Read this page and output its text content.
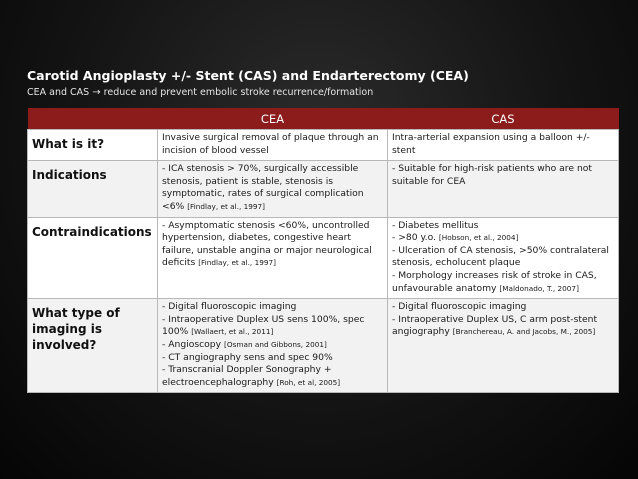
Carotid Angioplasty +/- Stent (CAS) and Endarterectomy (CEA)
CEA and CAS → reduce and prevent embolic stroke recurrence/formation
	CEA	CAS
What is it?	Invasive surgical removal of plaque through an incision of blood vessel	Intra-arterial expansion using a balloon +/- stent

Indications	- ICA stenosis > 70%, surgically accessible stenosis, patient is stable, stenosis is symptomatic, rates of surgical complication <6% [Findlay, et al., 1997]	- Suitable for high-risk patients who are not suitable for CEA

Contraindications	- Asymptomatic stenosis <60%, uncontrolled hypertension, diabetes, congestive heart failure, unstable angina or major neurological deficits [Findlay, et al., 1997]	- Diabetes mellitus
- >80 y.o. [Hobson, et al., 2004]
- Ulceration of CA stenosis, >50% contralateral stenosis, echolucent plaque
- Morphology increases risk of stroke in CAS, unfavourable anatomy [Maldonado, T., 2007]

What type of imaging is involved?	- Digital fluoroscopic imaging
- Intraoperative Duplex US sens 100%, spec 100% [Wallaert, et al., 2011]
- Angioscopy [Osman and Gibbons, 2001]
- CT angiography sens and spec 90%
- Transcranial Doppler Sonography + electroencephalography [Roh, et al, 2005]	- Digital fluoroscopic imaging
- Intraoperative Duplex US, C arm post-stent angiography [Branchereau, A. and Jacobs, M., 2005]
